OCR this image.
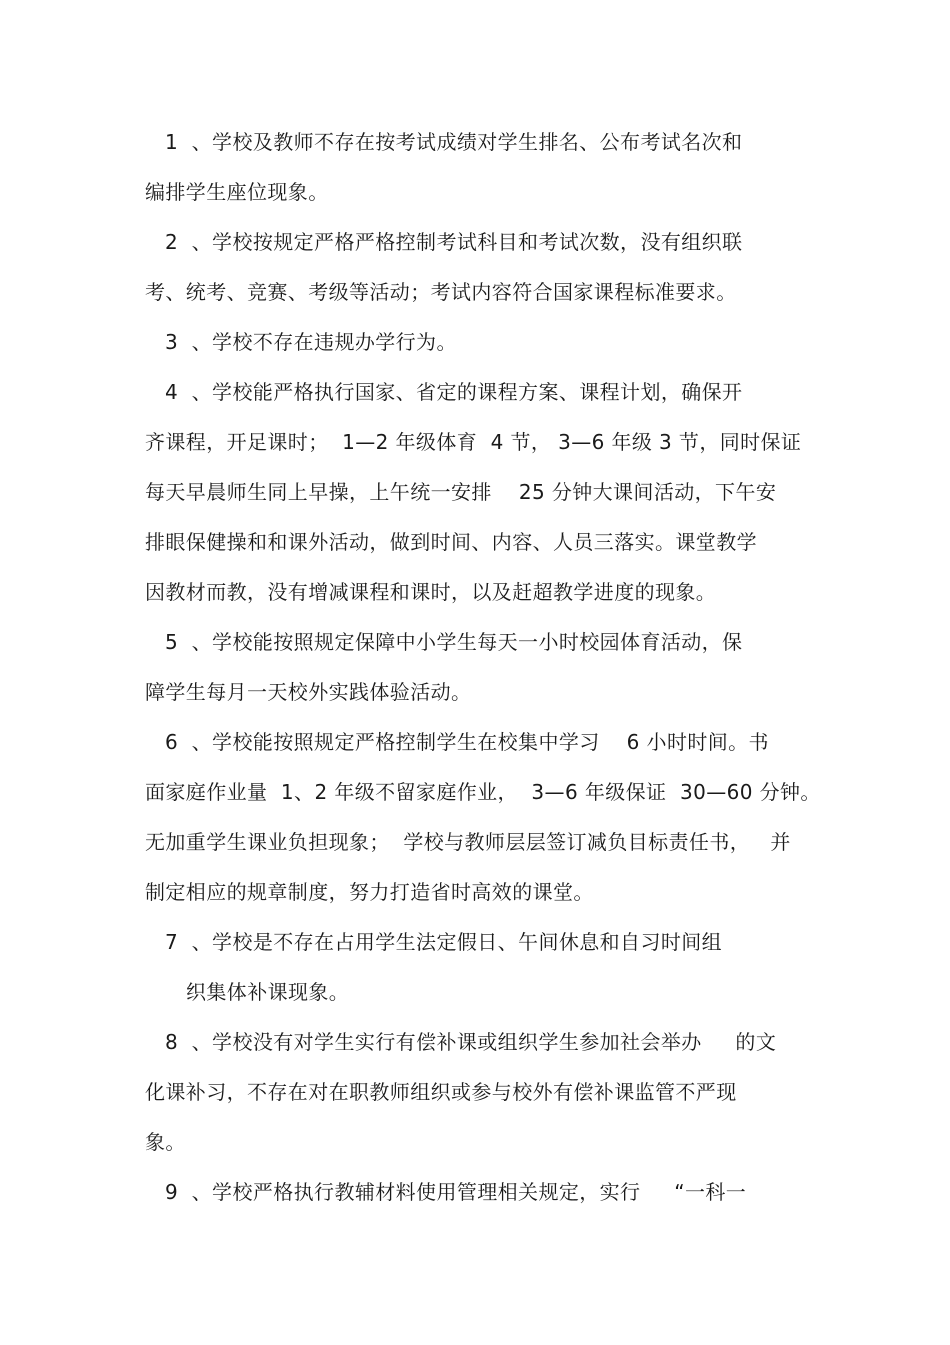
1  、学校及教师不存在按考试成绩对学生排名、公布考试名次和
编排学生座位现象。
2  、学校按规定严格严格控制考试科目和考试次数，没有组织联
考、统考、竞赛、考级等活动；考试内容符合国家课程标准要求。
3  、学校不存在违规办学行为。
4  、学校能严格执行国家、省定的课程方案、课程计划，确保开
齐课程，开足课时；  1—2 年级体育  4 节， 3—6 年级 3 节，同时保证
每天早晨师生同上早操，上午统一安排    25 分钟大课间活动，下午安
排眼保健操和和课外活动，做到时间、内容、人员三落实。课堂教学
因教材而教，没有增减课程和课时，以及赶超教学进度的现象。
5  、学校能按照规定保障中小学生每天一小时校园体育活动，保
障学生每月一天校外实践体验活动。
6  、学校能按照规定严格控制学生在校集中学习    6 小时时间。书
面家庭作业量  1、2 年级不留家庭作业，  3—6 年级保证  30—60 分钟。
无加重学生课业负担现象；  学校与教师层层签订减负目标责任书，   并
制定相应的规章制度，努力打造省时高效的课堂。
7  、学校是不存在占用学生法定假日、午间休息和自习时间组
织集体补课现象。
8  、学校没有对学生实行有偿补课或组织学生参加社会举办     的文
化课补习，不存在对在职教师组织或参与校外有偿补课监管不严现
象。
9  、学校严格执行教辅材料使用管理相关规定，实行     “一科一
